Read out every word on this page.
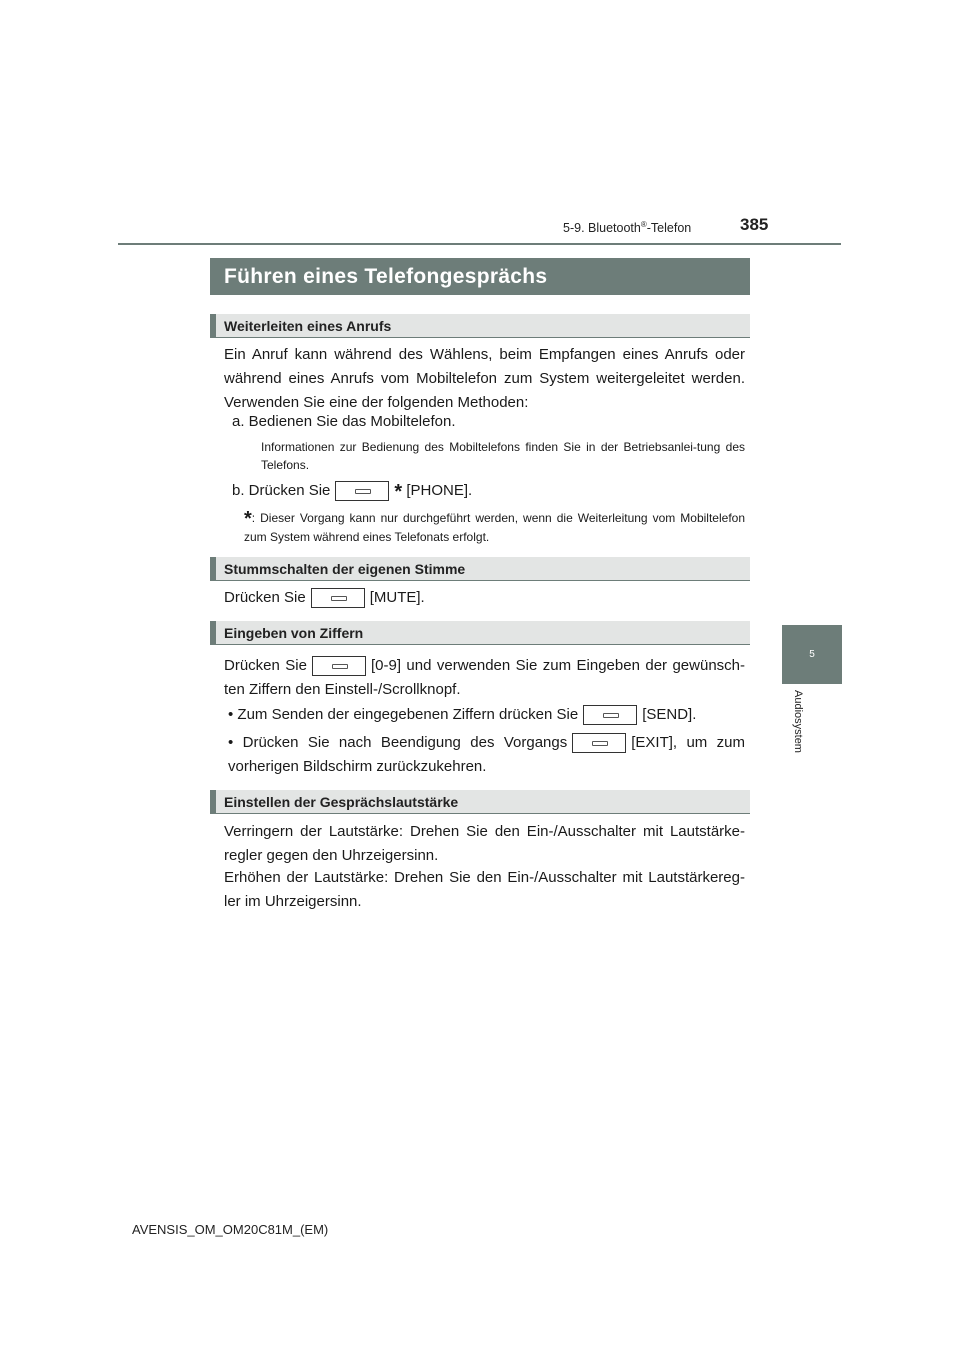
5-9. Bluetooth®-Telefon	385
5
Audiosystem
Führen eines Telefongesprächs
Weiterleiten eines Anrufs
Ein Anruf kann während des Wählens, beim Empfangen eines Anrufs oder während eines Anrufs vom Mobiltelefon zum System weitergeleitet werden. Verwenden Sie eine der folgenden Methoden:
a. Bedienen Sie das Mobiltelefon.
Informationen zur Bedienung des Mobiltelefons finden Sie in der Betriebsanlei-tung des Telefons.
b. Drücken Sie	* [PHONE].
*: Dieser Vorgang kann nur durchgeführt werden, wenn die Weiterleitung vom Mobiltelefon zum System während eines Telefonats erfolgt.
Stummschalten der eigenen Stimme
Drücken Sie	[MUTE].
Eingeben von Ziffern
Drücken Sie	[0-9] und verwenden Sie zum Eingeben der gewünsch-ten Ziffern den Einstell-/Scrollknopf.
• Zum Senden der eingegebenen Ziffern drücken Sie	[SEND].
• Drücken Sie nach Beendigung des Vorgangs	[EXIT], um zum vorherigen Bildschirm zurückzukehren.
Einstellen der Gesprächslautstärke
Verringern der Lautstärke: Drehen Sie den Ein-/Ausschalter mit Lautstärke-regler gegen den Uhrzeigersinn.
Erhöhen der Lautstärke: Drehen Sie den Ein-/Ausschalter mit Lautstärkereg-ler im Uhrzeigersinn.
AVENSIS_OM_OM20C81M_(EM)
